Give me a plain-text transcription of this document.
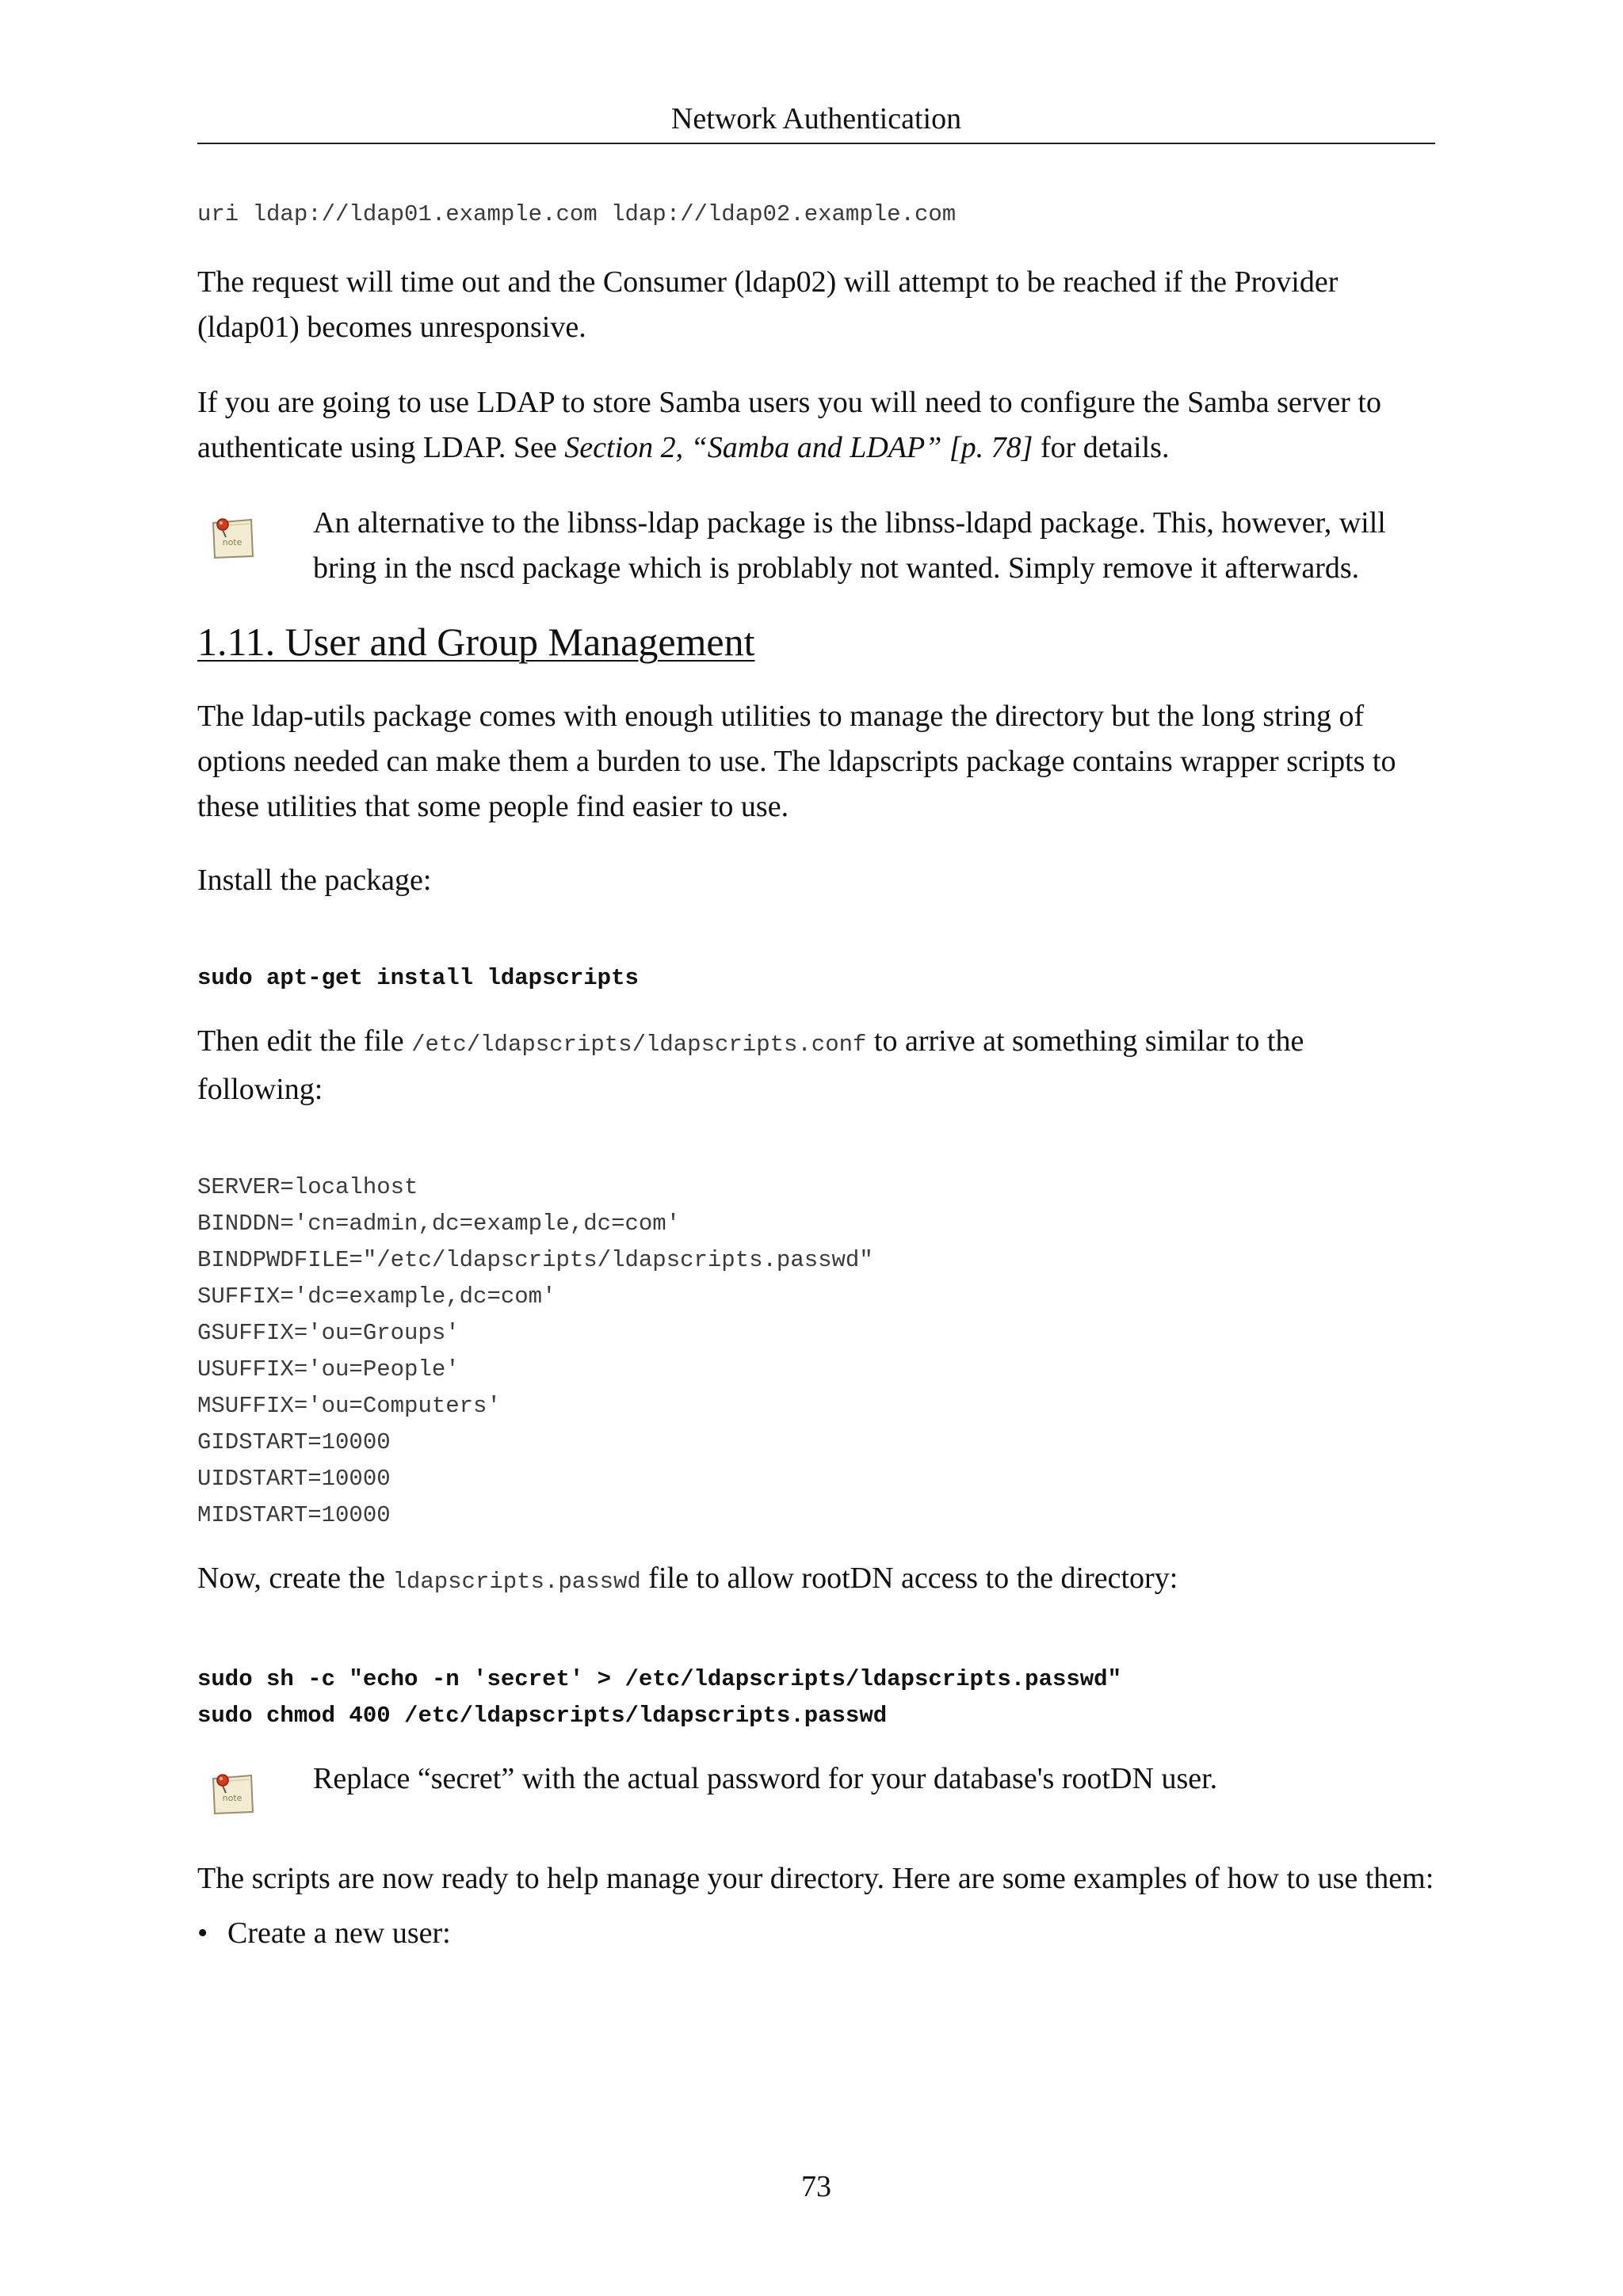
Network Authentication

uri ldap://ldap01.example.com ldap://ldap02.example.com

The request will time out and the Consumer (ldap02) will attempt to be reached if the Provider (ldap01) becomes unresponsive.

If you are going to use LDAP to store Samba users you will need to configure the Samba server to authenticate using LDAP. See Section 2, “Samba and LDAP” [p. 78] for details.

note

An alternative to the libnss-ldap package is the libnss-ldapd package. This, however, will bring in the nscd package which is problably not wanted. Simply remove it afterwards.

1.11. User and Group Management

The ldap-utils package comes with enough utilities to manage the directory but the long string of options needed can make them a burden to use. The ldapscripts package contains wrapper scripts to these utilities that some people find easier to use.

Install the package:

sudo apt-get install ldapscripts

Then edit the file /etc/ldapscripts/ldapscripts.conf to arrive at something similar to the following:

SERVER=localhost

BINDDN='cn=admin,dc=example,dc=com'

BINDPWDFILE="/etc/ldapscripts/ldapscripts.passwd"

SUFFIX='dc=example,dc=com'

GSUFFIX='ou=Groups'

USUFFIX='ou=People'

MSUFFIX='ou=Computers'

GIDSTART=10000

UIDSTART=10000

MIDSTART=10000

Now, create the ldapscripts.passwd file to allow rootDN access to the directory:

sudo sh -c "echo -n 'secret' > /etc/ldapscripts/ldapscripts.passwd"

sudo chmod 400 /etc/ldapscripts/ldapscripts.passwd

note

Replace “secret” with the actual password for your database's rootDN user.

The scripts are now ready to help manage your directory. Here are some examples of how to use them:

• Create a new user:
73
